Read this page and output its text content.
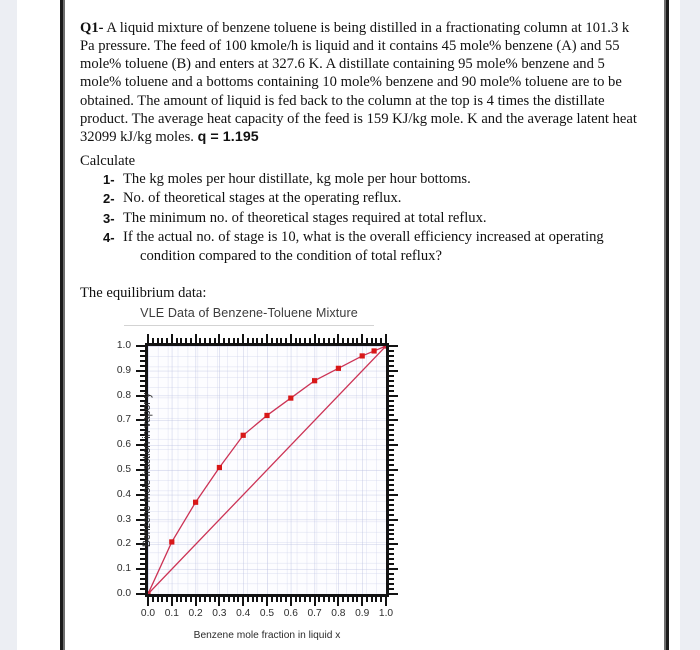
Q1- A liquid mixture of benzene toluene is being distilled in a fractionating column at 101.3 k Pa pressure. The feed of 100 kmole/h is liquid and it contains 45 mole% benzene (A) and 55 mole% toluene (B) and enters at 327.6 K. A distillate containing 95 mole% benzene and 5 mole% toluene and a bottoms containing 10 mole% benzene and 90 mole% toluene are to be obtained. The amount of liquid is fed back to the column at the top is 4 times the distillate product. The average heat capacity of the feed is 159 KJ/kg mole. K and the average latent heat 32099 kJ/kg moles. q = 1.195

Calculate
1- The kg moles per hour distillate, kg mole per hour bottoms.
2- No. of theoretical stages at the operating reflux.
3- The minimum no. of theoretical stages required at total reflux.
4- If the actual no. of stage is 10, what is the overall efficiency increased at operating
condition compared to the condition of total reflux?
The equilibrium data:
VLE Data of Benzene-Toluene Mixture
0.0
0.1
0.2
0.3
0.4
0.5
0.6
0.7
0.8
0.9
1.0
0.0 0.1 0.2 0.3 0.4 0.5 0.6 0.7 0.8 0.9 1.0
Benzene mole fraction in vapor y
Benzene mole fraction in liquid x
